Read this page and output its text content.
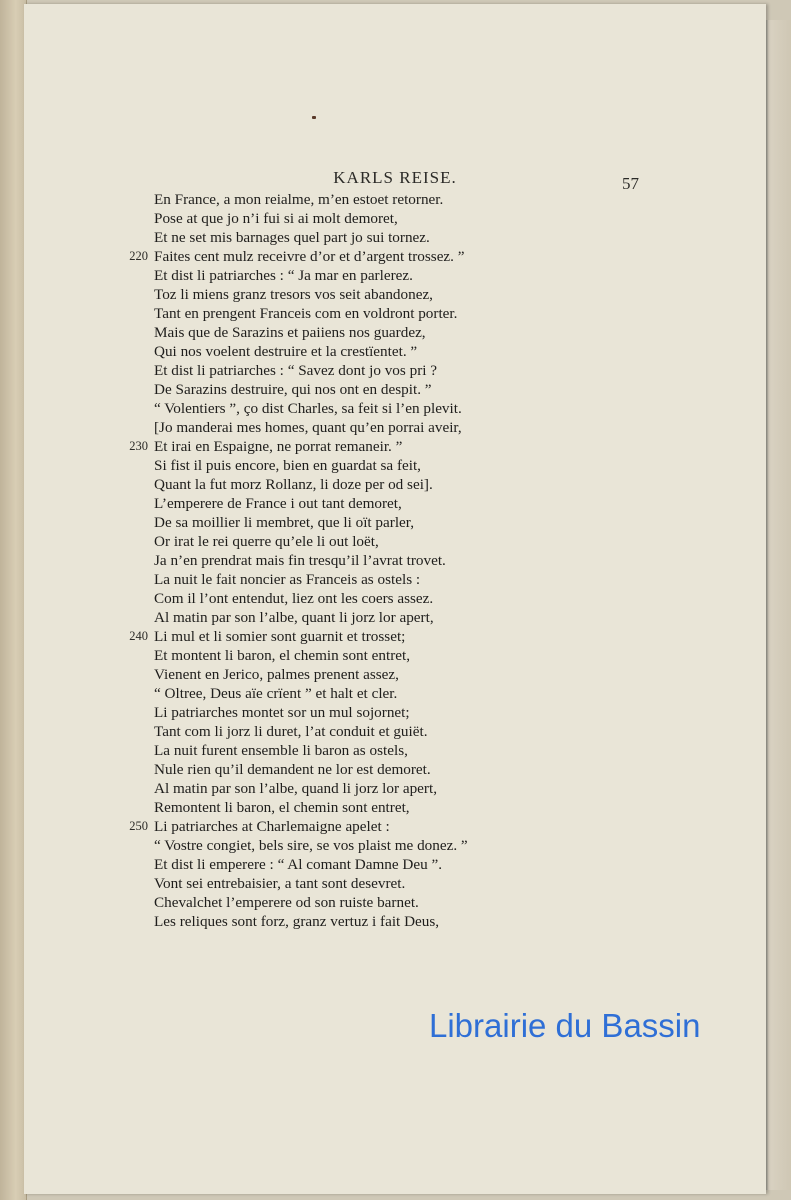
KARLS REISE.	57
En France, a mon reialme, m’en estoet retorner.
Pose at que jo n’i fui si ai molt demoret,
Et ne set mis barnages quel part jo sui tornez.
220 Faites cent mulz receivre d’or et d’argent trossez. ”
Et dist li patriarches : “ Ja mar en parlerez.
Toz li miens granz tresors vos seit abandonez,
Tant en prengent Franceis com en voldront porter.
Mais que de Sarazins et paiiens nos guardez,
Qui nos voelent destruire et la crestïentet. ”
Et dist li patriarches : “ Savez dont jo vos pri ?
De Sarazins destruire, qui nos ont en despit. ”
“ Volentiers ”, ço dist Charles, sa feit si l’en plevit.
[Jo manderai mes homes, quant qu’en porrai aveir,
230 Et irai en Espaigne, ne porrat remaneir. ”
Si fist il puis encore, bien en guardat sa feit,
Quant la fut morz Rollanz, li doze per od sei].
L’emperere de France i out tant demoret,
De sa moillier li membret, que li oït parler,
Or irat le rei querre qu’ele li out loët,
Ja n’en prendrat mais fin tresqu’il l’avrat trovet.
La nuit le fait noncier as Franceis as ostels :
Com il l’ont entendut, liez ont les coers assez.
Al matin par son l’albe, quant li jorz lor apert,
240 Li mul et li somier sont guarnit et trosset;
Et montent li baron, el chemin sont entret,
Vienent en Jerico, palmes prenent assez,
“ Oltree, Deus aïe crïent ” et halt et cler.
Li patriarches montet sor un mul sojornet;
Tant com li jorz li duret, l’at conduit et guiët.
La nuit furent ensemble li baron as ostels,
Nule rien qu’il demandent ne lor est demoret.
Al matin par son l’albe, quand li jorz lor apert,
Remontent li baron, el chemin sont entret,
250 Li patriarches at Charlemaigne apelet :
“ Vostre congiet, bels sire, se vos plaist me donez. ”
Et dist li emperere : “ Al comant Damne Deu ”.
Vont sei entrebaisier, a tant sont desevret.
Chevalchet l’emperere od son ruiste barnet.
Les reliques sont forz, granz vertuz i fait Deus,
Librairie du Bassin
